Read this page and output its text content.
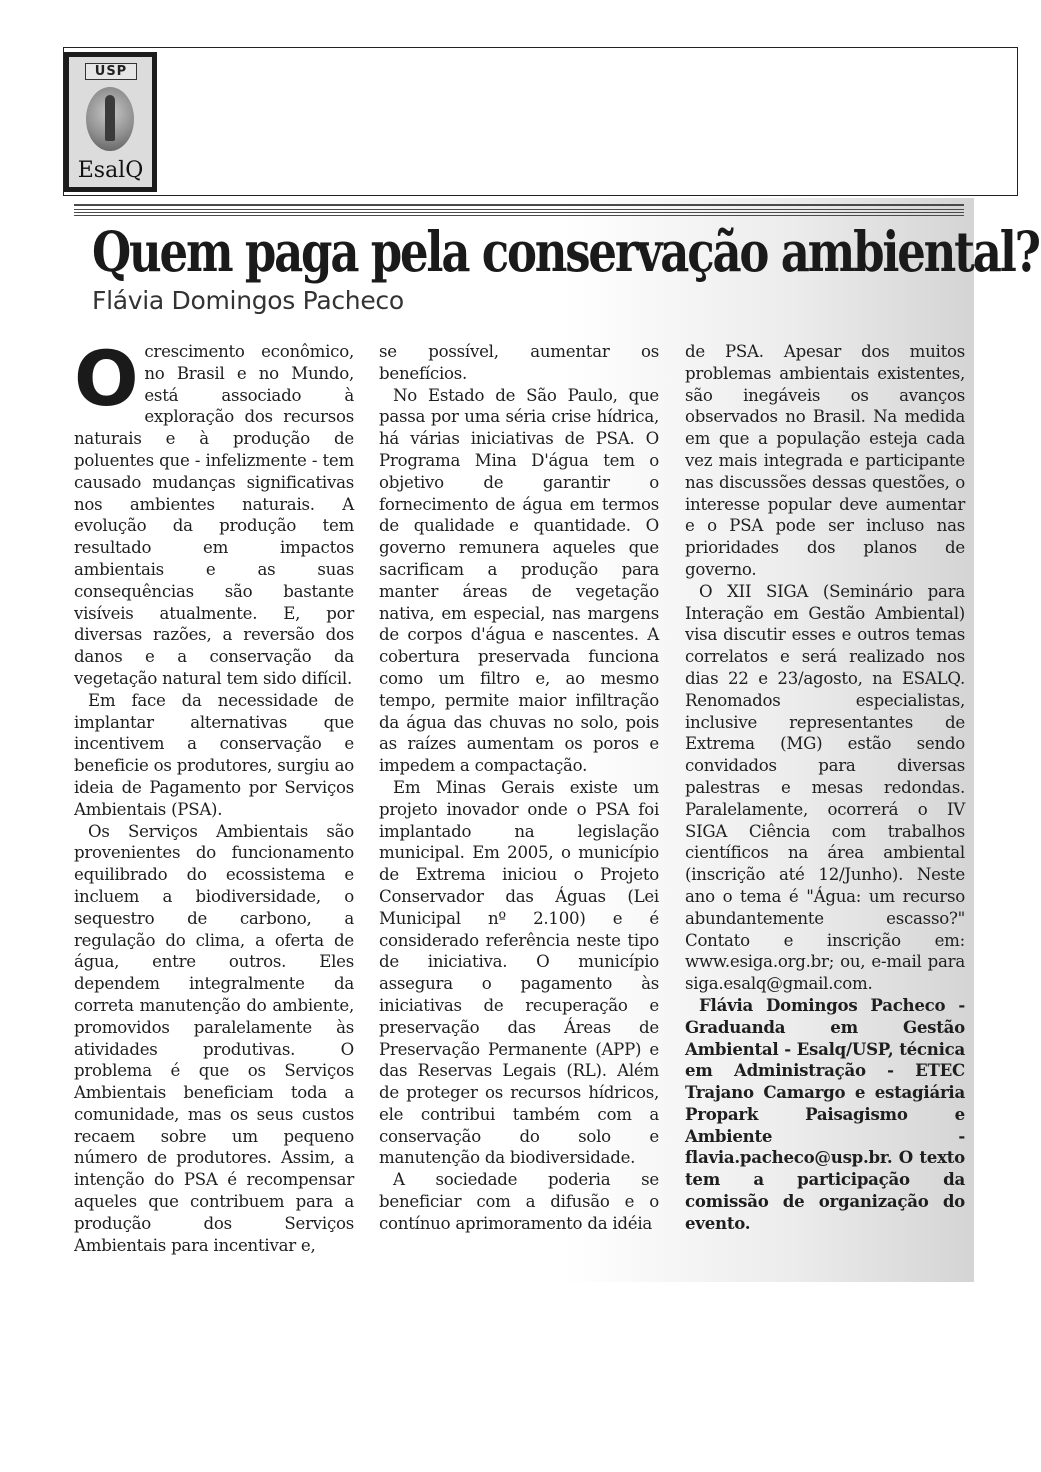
USP
EsalQ
Quem paga pela conservação ambiental?
Flávia Domingos Pacheco

Ocrescimento econômico, no Brasil e no Mundo, está associado à exploração dos recursos naturais e à produção de poluentes que - infelizmente - tem causado mudanças significativas nos ambientes naturais. A evolução da produção tem resultado em impactos ambientais e as suas consequências são bastante visíveis atualmente. E, por diversas razões, a reversão dos danos e a conservação da vegetação natural tem sido difícil.

Em face da necessidade de implantar alternativas que incentivem a conservação e beneficie os produtores, surgiu ao ideia de Pagamento por Serviços Ambientais (PSA).

Os Serviços Ambientais são provenientes do funcionamento equilibrado do ecossistema e incluem a biodiversidade, o sequestro de carbono, a regulação do clima, a oferta de água, entre outros. Eles dependem integralmente da correta manutenção do ambiente, promovidos paralelamente às atividades produtivas. O problema é que os Serviços Ambientais beneficiam toda a comunidade, mas os seus custos recaem sobre um pequeno número de produtores. Assim, a intenção do PSA é recompensar aqueles que contribuem para a produção dos Serviços Ambientais para incentivar e,

se possível, aumentar os benefícios.

No Estado de São Paulo, que passa por uma séria crise hídrica, há várias iniciativas de PSA. O Programa Mina D'água tem o objetivo de garantir o fornecimento de água em termos de qualidade e quantidade. O governo remunera aqueles que sacrificam a produção para manter áreas de vegetação nativa, em especial, nas margens de corpos d'água e nascentes. A cobertura preservada funciona como um filtro e, ao mesmo tempo, permite maior infiltração da água das chuvas no solo, pois as raízes aumentam os poros e impedem a compactação.

Em Minas Gerais existe um projeto inovador onde o PSA foi implantado na legislação municipal. Em 2005, o município de Extrema iniciou o Projeto Conservador das Águas (Lei Municipal nº 2.100) e é considerado referência neste tipo de iniciativa. O município assegura o pagamento às iniciativas de recuperação e preservação das Áreas de Preservação Permanente (APP) e das Reservas Legais (RL). Além de proteger os recursos hídricos, ele contribui também com a conservação do solo e manutenção da biodiversidade.

A sociedade poderia se beneficiar com a difusão e o contínuo aprimoramento da idéia

de PSA. Apesar dos muitos problemas ambientais existentes, são inegáveis os avanços observados no Brasil. Na medida em que a população esteja cada vez mais integrada e participante nas discussões dessas questões, o interesse popular deve aumentar e o PSA pode ser incluso nas prioridades dos planos de governo.

O XII SIGA (Seminário para Interação em Gestão Ambiental) visa discutir esses e outros temas correlatos e será realizado nos dias 22 e 23/agosto, na ESALQ. Renomados especialistas, inclusive representantes de Extrema (MG) estão sendo convidados para diversas palestras e mesas redondas. Paralelamente, ocorrerá o IV SIGA Ciência com trabalhos científicos na área ambiental (inscrição até 12/Junho). Neste ano o tema é "Água: um recurso abundantemente escasso?" Contato e inscrição em: www.esiga.org.br; ou, e-mail para siga.esalq@gmail.com.

Flávia Domingos Pacheco - Graduanda em Gestão Ambiental - Esalq/USP, técnica em Administração - ETEC Trajano Camargo e estagiária Propark Paisagismo e Ambiente - flavia.pacheco@usp.br. O texto tem a participação da comissão de organização do evento.
